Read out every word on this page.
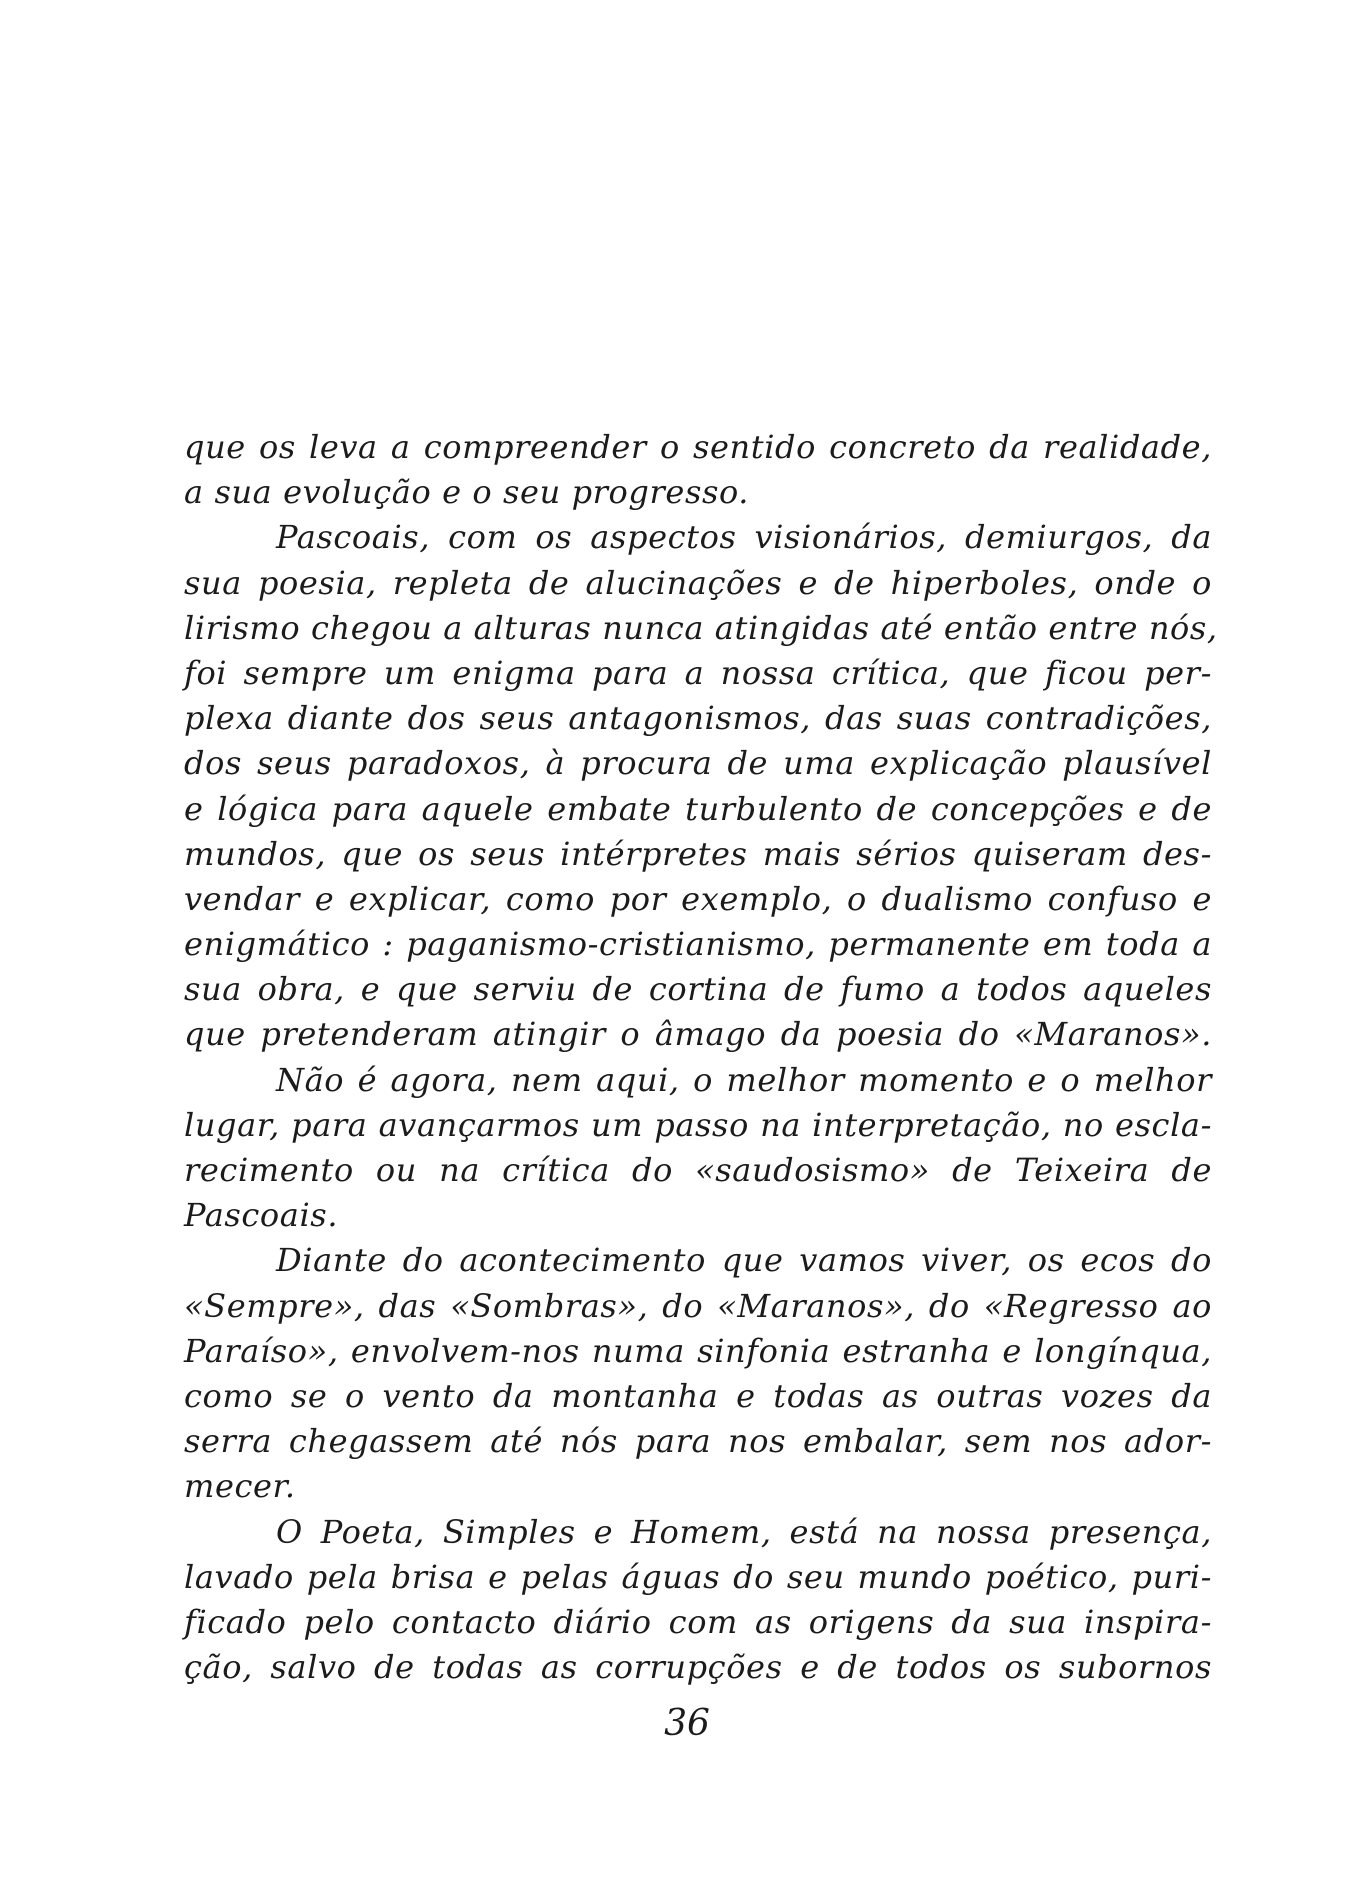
que os leva a compreender o sentido concreto da realidade,
a sua evolução e o seu progresso.
Pascoais, com os aspectos visionários, demiurgos, da
sua poesia, repleta de alucinações e de hiperboles, onde o
lirismo chegou a alturas nunca atingidas até então entre nós,
foi sempre um enigma para a nossa crítica, que ficou per-
plexa diante dos seus antagonismos, das suas contradições,
dos seus paradoxos, à procura de uma explicação plausível
e lógica para aquele embate turbulento de concepções e de
mundos, que os seus intérpretes mais sérios quiseram des-
vendar e explicar, como por exemplo, o dualismo confuso e
enigmático : paganismo-cristianismo, permanente em toda a
sua obra, e que serviu de cortina de fumo a todos aqueles
que pretenderam atingir o âmago da poesia do «Maranos».
Não é agora, nem aqui, o melhor momento e o melhor
lugar, para avançarmos um passo na interpretação, no escla-
recimento ou na crítica do «saudosismo» de Teixeira de
Pascoais.
Diante do acontecimento que vamos viver, os ecos do
«Sempre», das «Sombras», do «Maranos», do «Regresso ao
Paraíso», envolvem-nos numa sinfonia estranha e longínqua,
como se o vento da montanha e todas as outras vozes da
serra chegassem até nós para nos embalar, sem nos ador-
mecer.
O Poeta, Simples e Homem, está na nossa presença,
lavado pela brisa e pelas águas do seu mundo poético, puri-
ficado pelo contacto diário com as origens da sua inspira-
ção, salvo de todas as corrupções e de todos os subornos
36
